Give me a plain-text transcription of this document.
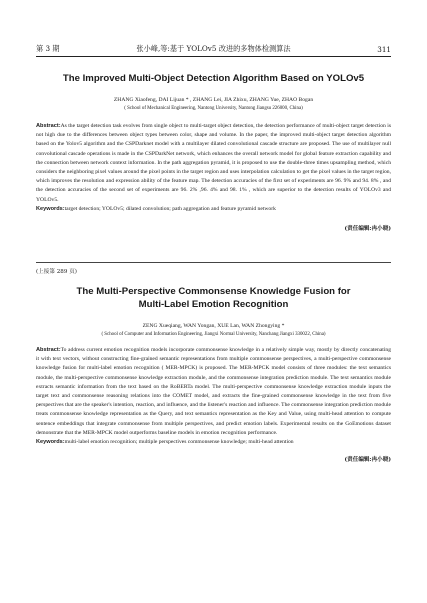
第 3 期	张小峰,等:基于 YOLOv5 改进的多物体检测算法	311
The Improved Multi-Object Detection Algorithm Based on YOLOv5
ZHANG Xiaofeng, DAI Lijuan * , ZHANG Lei, JIA Zhixu, ZHANG Yue, ZHAO Bogan
( School of Mechanical Engineering, Nantong University, Nantong Jiangsu 226000, China)
Abstract:As the target detection task evolves from single object to multi-target object detection, the detection performance of multi-object target detection is not high due to the differences between object types between color, shape and volume. In the paper, the improved multi-object target detection algorithm based on the Yolov5 algorithm and the CSPDarknet model with a multilayer dilated convolutional cascade structure are proposed. The use of multilayer null convolutional cascade operations is made in the CSPDarkNet network, which enhances the overall network model for global feature extraction capability and the connection between network context information. In the path aggregation pyramid, it is proposed to use the double-three times upsampling method, which considers the neighboring pixel values around the pixel points in the target region and uses interpolation calculation to get the pixel values in the target region, which improves the resolution and expression ability of the feature map. The detection accuracies of the first set of experiments are 96. 9% and 94. 8% , and the detection accuracies of the second set of experiments are 96. 2% ,96. 4% and 98. 1% , which are superior to the detection results of YOLOv3 and YOLOv5.
Keywords:target detection; YOLOv5; dilated convolution; path aggregation and feature pyramid network
(责任编辑:冉小晓)
(上接第 289 页)
The Multi-Perspective Commonsense Knowledge Fusion for
Multi-Label Emotion Recognition
ZENG Xueqiang, WAN Yongan, XUE Lan, WAN Zhongying *
( School of Computer and Information Engineering, Jiangxi Normal University, Nanchang Jiangxi 330022, China)
Abstract:To address current emotion recognition models incorporate commonsense knowledge in a relatively simple way, mostly by directly concatenating it with text vectors, without constructing fine-grained semantic representations from multiple commonsense perspectives, a multi-perspective commonsense knowledge fusion for multi-label emotion recognition ( MER-MPCK) is proposed. The MER-MPCK model consists of three modules: the text semantics module, the multi-perspective commonsense knowledge extraction module, and the commonsense integration prediction module. The text semantics module extracts semantic information from the text based on the RoBERTa model. The multi-perspective commonsense knowledge extraction module inputs the target text and commonsense reasoning relations into the COMET model, and extracts the fine-grained commonsense knowledge in the text from five perspectives that are the speaker's intention, reaction, and influence, and the listener's reaction and influence. The commonsense integration prediction module treats commonsense knowledge representation as the Query, and text semantics representation as the Key and Value, using multi-head attention to compute sentence embeddings that integrate commonsense from multiple perspectives, and predict emotion labels. Experimental results on the GoEmotions dataset demonstrate that the MER-MPCK model outperforms baseline models in emotion recognition performance.
Keywords:multi-label emotion recognition; multiple perspectives commonsense knowledge; multi-head attention
(责任编辑:冉小晓)
